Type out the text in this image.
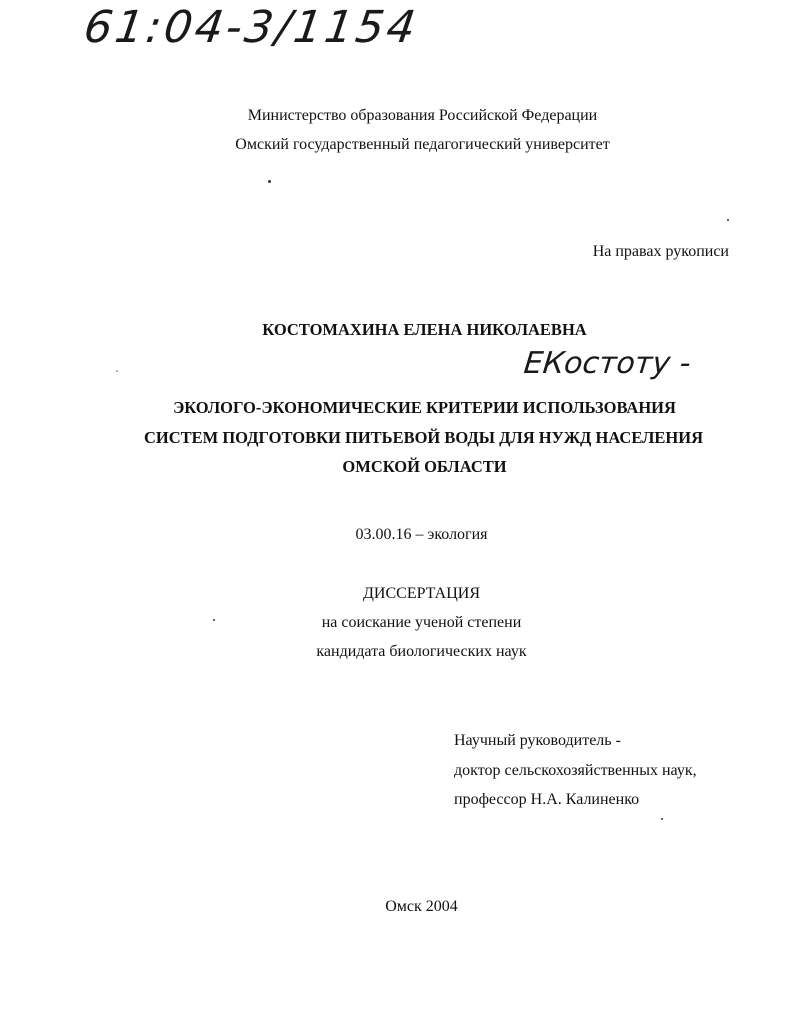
61:04-3/1154
Министерство образования Российской Федерации
Омский государственный педагогический университет
На правах рукописи
КОСТОМАХИНА ЕЛЕНА НИКОЛАЕВНА
ЕКостоту -
ЭКОЛОГО-ЭКОНОМИЧЕСКИЕ КРИТЕРИИ ИСПОЛЬЗОВАНИЯ
СИСТЕМ ПОДГОТОВКИ ПИТЬЕВОЙ ВОДЫ ДЛЯ НУЖД НАСЕЛЕНИЯ
ОМСКОЙ ОБЛАСТИ
03.00.16 – экология
ДИССЕРТАЦИЯ
на соискание ученой степени
кандидата биологических наук
Научный руководитель -
доктор сельскохозяйственных наук,
профессор Н.А. Калиненко
Омск 2004
